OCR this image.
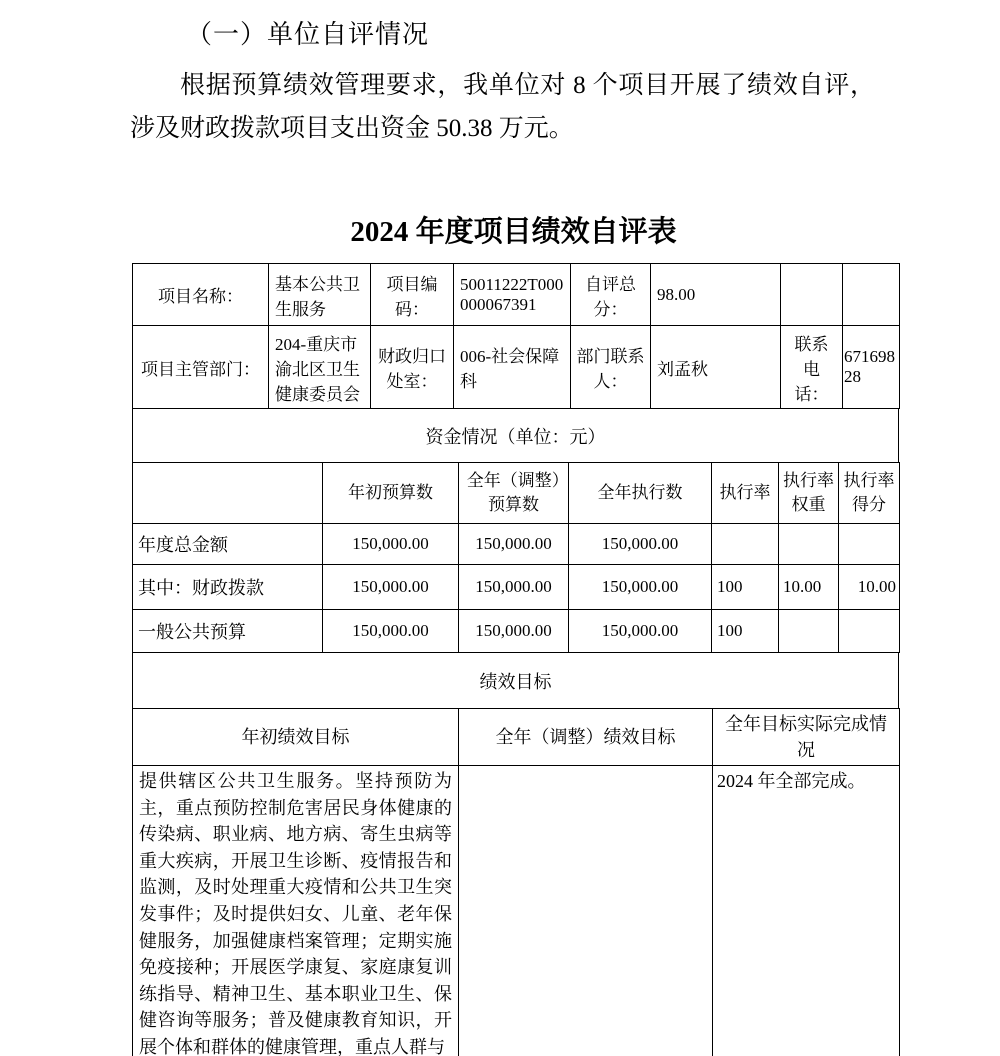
（一）单位自评情况

根据预算绩效管理要求，我单位对 8 个项目开展了绩效自评，涉及财政拨款项目支出资金 50.38 万元。

2024 年度项目绩效自评表
项目名称：	基本公共卫生服务	项目编码：	50011222T000000067391	自评总分：	98.00		
项目主管部门：	204-重庆市渝北区卫生健康委员会	财政归口处室：	006-社会保障科	部门联系人：	刘孟秋	联系电话：	67169828
资金情况（单位：元）
	年初预算数	全年（调整）预算数	全年执行数	执行率	执行率权重	执行率得分
年度总金额	150,000.00	150,000.00	150,000.00			
其中：财政拨款	150,000.00	150,000.00	150,000.00	100	10.00	10.00
一般公共预算	150,000.00	150,000.00	150,000.00	100		
绩效目标
年初绩效目标	全年（调整）绩效目标	全年目标实际完成情况
提供辖区公共卫生服务。坚持预防为主，重点预防控制危害居民身体健康的传染病、职业病、地方病、寄生虫病等重大疾病，开展卫生诊断、疫情报告和监测，及时处理重大疫情和公共卫生突发事件；及时提供妇女、儿童、老年保健服务，加强健康档案管理；定期实施免疫接种；开展医学康复、家庭康复训练指导、精神卫生、基本职业卫生、保健咨询等服务；普及健康教育知识，开展个体和群体的健康管理，重点人群与		2024 年全部完成。
